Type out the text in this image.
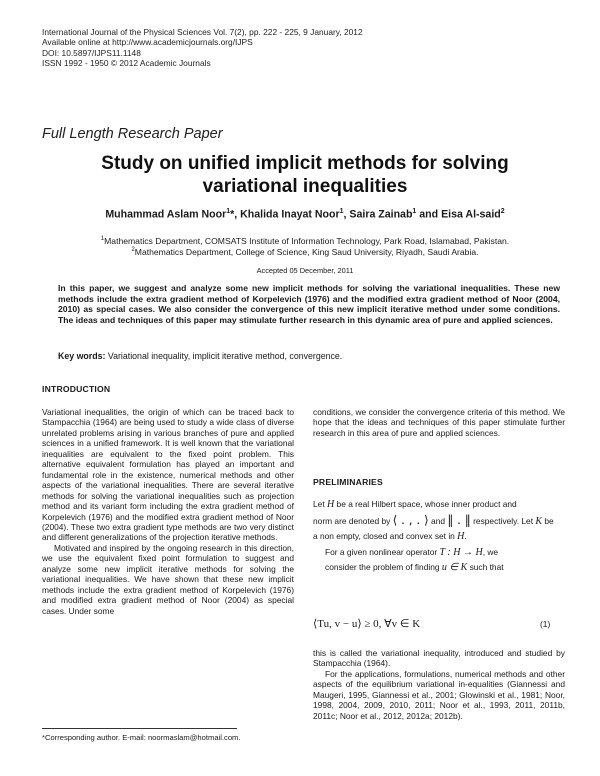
International Journal of the Physical Sciences Vol. 7(2), pp. 222 - 225, 9 January, 2012
Available online at http://www.academicjournals.org/IJPS
DOI: 10.5897/IJPS11.1148
ISSN 1992 - 1950 © 2012 Academic Journals
Full Length Research Paper
Study on unified implicit methods for solving
variational inequalities
Muhammad Aslam Noor$^1$*, Khalida Inayat Noor$^1$, Saira Zainab$^1$ and Eisa Al-said$^2$
$^1$Mathematics Department, COMSATS Institute of Information Technology, Park Road, Islamabad, Pakistan.
$^2$Mathematics Department, College of Science, King Saud University, Riyadh, Saudi Arabia.
Accepted 05 December, 2011
In this paper, we suggest and analyze some new implicit methods for solving the variational inequalities. These new methods include the extra gradient method of Korpelevich (1976) and the modified extra gradient method of Noor (2004, 2010) as special cases. We also consider the convergence of this new implicit iterative method under some conditions. The ideas and techniques of this paper may stimulate further research in this dynamic area of pure and applied sciences.
Key words: Variational inequality, implicit iterative method, convergence.
INTRODUCTION

Variational inequalities, the origin of which can be traced back to Stampacchia (1964) are being used to study a wide class of diverse unrelated problems arising in various branches of pure and applied sciences in a unified framework. It is well known that the variational inequalities are equivalent to the fixed point problem. This alternative equivalent formulation has played an important and fundamental role in the existence, numerical methods and other aspects of the variational inequalities. There are several iterative methods for solving the variational inequalities such as projection method and its variant form including the extra gradient method of Korpelevich (1976) and the modified extra gradient method of Noor (2004). These two extra gradient type methods are two very distinct and different generalizations of the projection iterative methods.

Motivated and inspired by the ongoing research in this direction, we use the equivalent fixed point formulation to suggest and analyze some new implicit iterative methods for solving the variational inequalities. We have shown that these new implicit methods include the extra gradient method of Korpelevich (1976) and modified extra gradient method of Noor (2004) as special cases. Under some

conditions, we consider the convergence criteria of this method. We hope that the ideas and techniques of this paper stimulate further research in this area of pure and applied sciences.
PRELIMINARIES

Let H be a real Hilbert space, whose inner product and

norm are denoted by ⟨ . , . ⟩ and ‖ . ‖ respectively. Let K be

a non empty, closed and convex set in H.

For a given nonlinear operator T : H → H, we

consider the problem of finding u ∈ K such that

⟨Tu, v − u⟩ ≥ 0, ∀v ∈ K	(1)

this is called the variational inequality, introduced and studied by Stampacchia (1964).

For the applications, formulations, numerical methods and other aspects of the equilibrium variational in-equalities (Giannessi and Maugeri, 1995, Giannessi et al., 2001; Glowinski et al., 1981; Noor, 1998, 2004, 2009, 2010, 2011; Noor et al., 1993, 2011, 2011b, 2011c; Noor et al., 2012, 2012a; 2012b).

*Corresponding author. E-mail: noormaslam@hotmail.com.
